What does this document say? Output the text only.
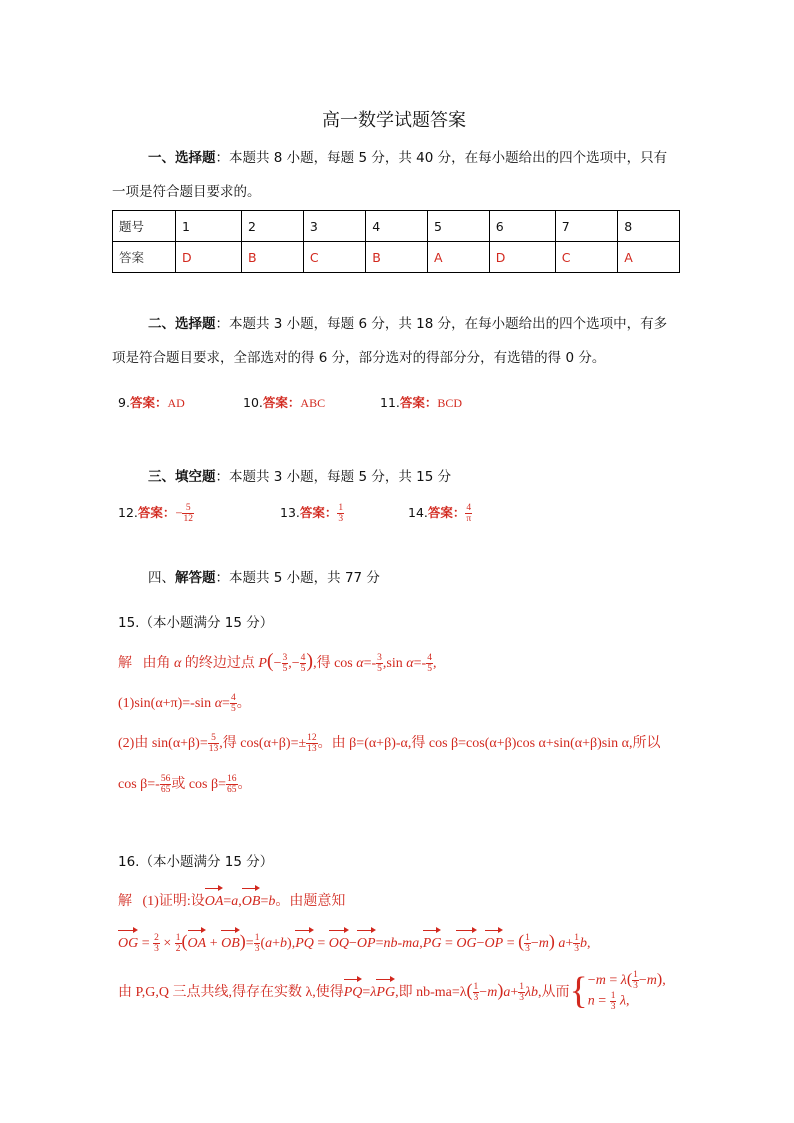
高一数学试题答案
一、选择题：本题共 8 小题，每题 5 分，共 40 分，在每小题给出的四个选项中，只有
一项是符合题目要求的。
题号	1	2	3	4	5	6	7	8
答案	D	B	C	B	A	D	C	A
二、选择题：本题共 3 小题，每题 6 分，共 18 分，在每小题给出的四个选项中，有多
项是符合题目要求，全部选对的得 6 分，部分选对的得部分分，有选错的得 0 分。
9.答案：AD	10.答案：ABC	11.答案：BCD
三、填空题：本题共 3 小题，每题 5 分，共 15 分
12.答案：− $\frac{5}{12}$	13.答案： $\frac{1}{3}$	14.答案： $\frac{4}{\pi}$
四、解答题：本题共 5 小题，共 77 分
15.（本小题满分 15 分）
解 由角 α 的终边过点 $P(- \frac{3}{5}$ ,− $\frac{4}{5}$ ),得 $\cos \alpha=- \frac{3}{5} ,\sin$ $\alpha=- \frac{4}{5}$ ,
(1)sin(α+π)=-sin $\alpha= \frac{4}{5}$ 。
(2)由 $\sin(\alpha+\beta)= \frac{5}{13}$ ,得 $\cos(\alpha+\beta)=\pm \frac{12}{13}$ 。由 β=(α+β)-α,得 cos β=cos(α+β)cos α+sin(α+β)sin α,所以
$\cos \beta=- \frac{56}{65}$ 或 $\cos \beta= \frac{16}{65}$ 。
16.（本小题满分 15 分）
解 (1)证明:设OA=a,OB=b。由题意知
OG = $\frac{2}{3} \times \frac{1}{2} (OA + OB)= \frac{1}{3} (a+b),PQ = OQ-OP=nb-ma,PG = OG-OP$ = ( $\frac{1}{3} -m$) $a+ \frac{1}{3} b$,
由 P,G,Q 三点共线,得存在实数 λ,使得PQ=λPG,即 $nb-ma=\lambda( \frac{1}{3} -m)a+ \frac{1}{3} \lambda b$,从而{ $-m = \lambda( \frac{1}{3} -m)$,
$n = \frac{1}{3} \lambda$,
